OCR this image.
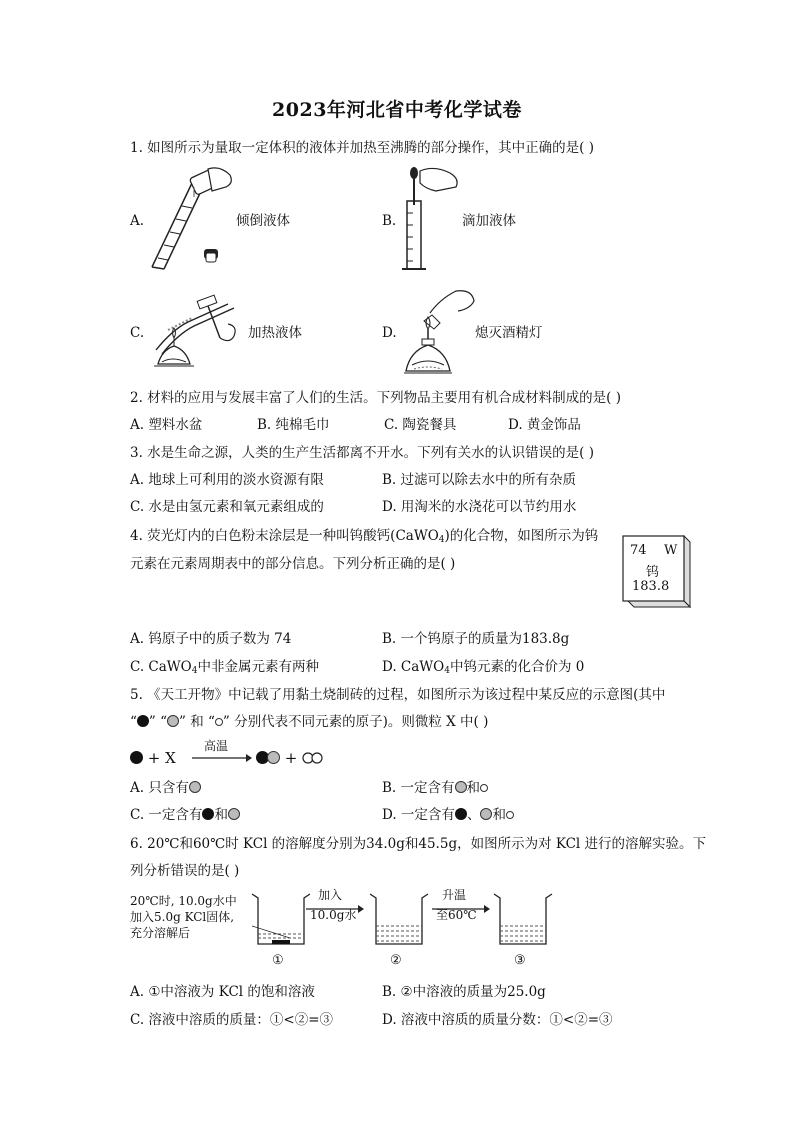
2023年河北省中考化学试卷
1. 如图所示为量取一定体积的液体并加热至沸腾的部分操作，其中正确的是( )
A.	倾倒液体	B.	滴加液体
C.	加热液体	D.	熄灭酒精灯
2. 材料的应用与发展丰富了人们的生活。下列物品主要用有机合成材料制成的是( )
A. 塑料水盆	B. 纯棉毛巾	C. 陶瓷餐具	D. 黄金饰品
3. 水是生命之源，人类的生产生活都离不开水。下列有关水的认识错误的是( )
A. 地球上可利用的淡水资源有限	B. 过滤可以除去水中的所有杂质
C. 水是由氢元素和氧元素组成的	D. 用淘米的水浇花可以节约用水
4. 荧光灯内的白色粉末涂层是一种叫钨酸钙(CaWO$_4$)的化合物，如图所示为钨
元素在元素周期表中的部分信息。下列分析正确的是( )
74 W
钨
183.8
A. 钨原子中的质子数为 74	B. 一个钨原子的质量为183.8g
C. CaWO$_4$中非金属元素有两种	D. CaWO$_4$中钨元素的化合价为 0
5. 《天工开物》中记载了用黏土烧制砖的过程，如图所示为该过程中某反应的示意图(其中
“ ” “ ” 和 “ ” 分别代表不同元素的原子)。则微粒 X 中( )
+ X
高温
+
A. 只含有	B. 一定含有 和
C. 一定含有 和	D. 一定含有 、 和
6. 20℃和60℃时 KCl 的溶解度分别为34.0g和45.5g，如图所示为对 KCl 进行的溶解实验。下
列分析错误的是( )
20℃时, 10.0g水中
加入5.0g KCl固体,
充分溶解后
①
加入
10.0g水
②
升温
至60℃
③
A. ①中溶液为 KCl 的饱和溶液	B. ②中溶液的质量为25.0g
C. 溶液中溶质的质量：①<②=③	D. 溶液中溶质的质量分数：①<②=③
